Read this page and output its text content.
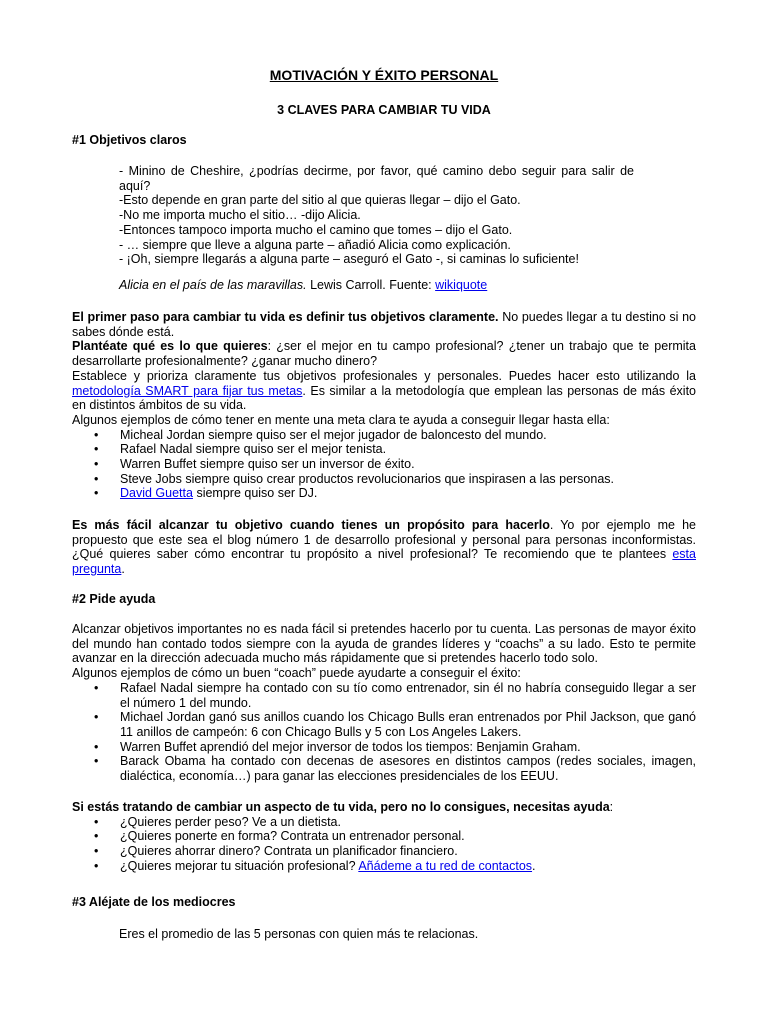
MOTIVACIÓN Y ÉXITO PERSONAL
3 CLAVES PARA CAMBIAR TU VIDA
#1 Objetivos claros

- Minino de Cheshire, ¿podrías decirme, por favor, qué camino debo seguir para salir de aquí?

-Esto depende en gran parte del sitio al que quieras llegar – dijo el Gato.

-No me importa mucho el sitio… -dijo Alicia.

-Entonces tampoco importa mucho el camino que tomes – dijo el Gato.

- … siempre que lleve a alguna parte – añadió Alicia como explicación.

- ¡Oh, siempre llegarás a alguna parte – aseguró el Gato -, si caminas lo suficiente!

Alicia en el país de las maravillas. Lewis Carroll. Fuente: wikiquote

El primer paso para cambiar tu vida es definir tus objetivos claramente. No puedes llegar a tu destino si no sabes dónde está.

Plantéate qué es lo que quieres: ¿ser el mejor en tu campo profesional? ¿tener un trabajo que te permita desarrollarte profesionalmente? ¿ganar mucho dinero?

Establece y prioriza claramente tus objetivos profesionales y personales. Puedes hacer esto utilizando la metodología SMART para fijar tus metas. Es similar a la metodología que emplean las personas de más éxito en distintos ámbitos de su vida.

Algunos ejemplos de cómo tener en mente una meta clara te ayuda a conseguir llegar hasta ella:

• Micheal Jordan siempre quiso ser el mejor jugador de baloncesto del mundo.
• Rafael Nadal siempre quiso ser el mejor tenista.
• Warren Buffet siempre quiso ser un inversor de éxito.
• Steve Jobs siempre quiso crear productos revolucionarios que inspirasen a las personas.
• David Guetta siempre quiso ser DJ.

Es más fácil alcanzar tu objetivo cuando tienes un propósito para hacerlo. Yo por ejemplo me he propuesto que este sea el blog número 1 de desarrollo profesional y personal para personas inconformistas. ¿Qué quieres saber cómo encontrar tu propósito a nivel profesional? Te recomiendo que te plantees esta pregunta.

#2 Pide ayuda

Alcanzar objetivos importantes no es nada fácil si pretendes hacerlo por tu cuenta. Las personas de mayor éxito del mundo han contado todos siempre con la ayuda de grandes líderes y “coachs” a su lado. Esto te permite avanzar en la dirección adecuada mucho más rápidamente que si pretendes hacerlo todo solo.

Algunos ejemplos de cómo un buen “coach” puede ayudarte a conseguir el éxito:

• Rafael Nadal siempre ha contado con su tío como entrenador, sin él no habría conseguido llegar a ser el número 1 del mundo.
• Michael Jordan ganó sus anillos cuando los Chicago Bulls eran entrenados por Phil Jackson, que ganó 11 anillos de campeón: 6 con Chicago Bulls y 5 con Los Angeles Lakers.
• Warren Buffet aprendió del mejor inversor de todos los tiempos: Benjamin Graham.
• Barack Obama ha contado con decenas de asesores en distintos campos (redes sociales, imagen, dialéctica, economía…) para ganar las elecciones presidenciales de los EEUU.

Si estás tratando de cambiar un aspecto de tu vida, pero no lo consigues, necesitas ayuda:

• ¿Quieres perder peso? Ve a un dietista.
• ¿Quieres ponerte en forma? Contrata un entrenador personal.
• ¿Quieres ahorrar dinero? Contrata un planificador financiero.
• ¿Quieres mejorar tu situación profesional? Añádeme a tu red de contactos.
#3 Aléjate de los mediocres

Eres el promedio de las 5 personas con quien más te relacionas.
